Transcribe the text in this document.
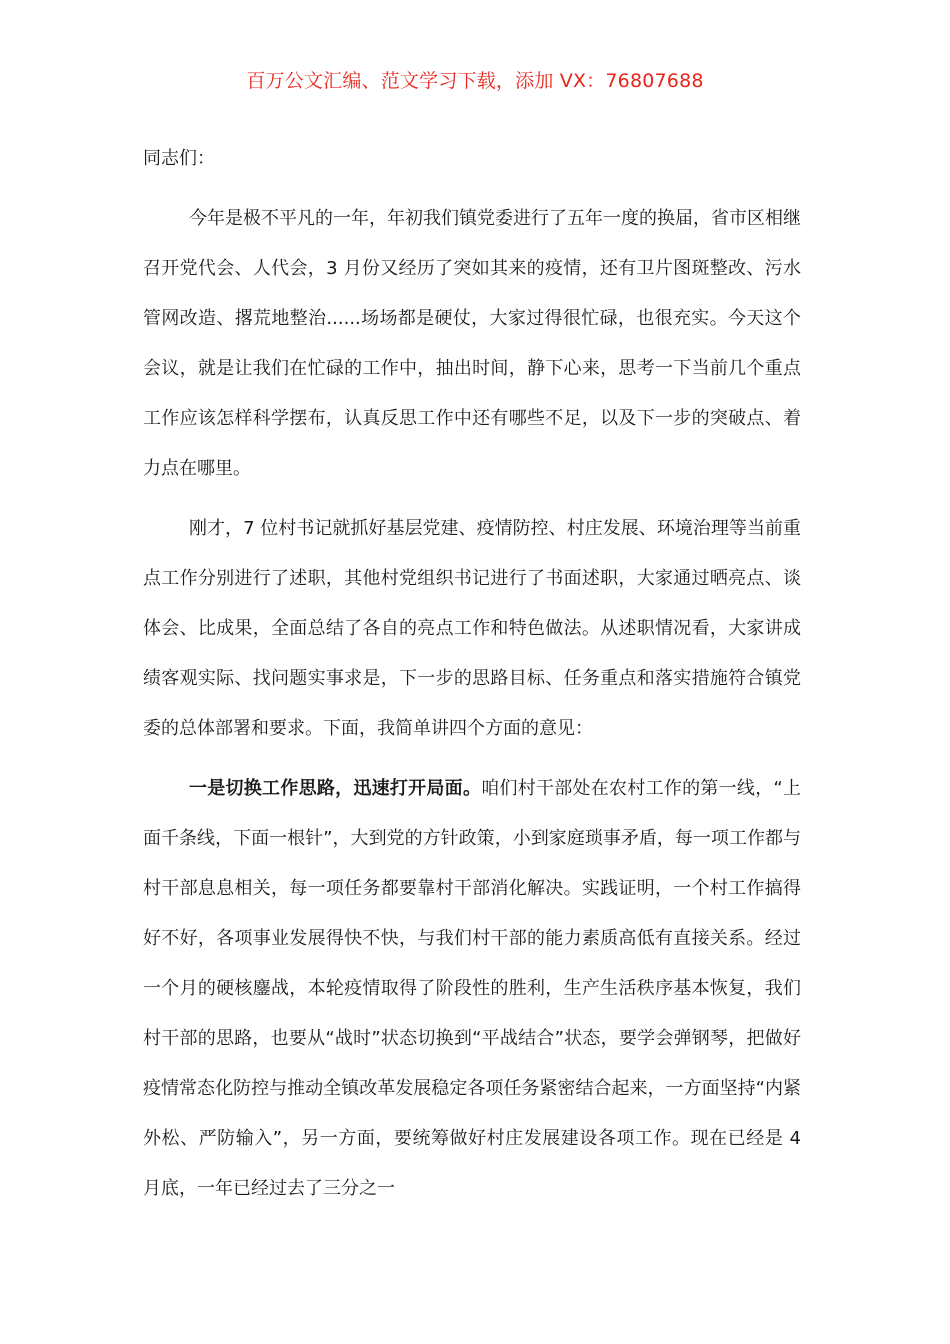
百万公文汇编、范文学习下载，添加 VX：76807688

同志们：

今年是极不平凡的一年，年初我们镇党委进行了五年一度的换届，省市区相继召开党代会、人代会，3 月份又经历了突如其来的疫情，还有卫片图斑整改、污水管网改造、撂荒地整治......场场都是硬仗，大家过得很忙碌，也很充实。今天这个会议，就是让我们在忙碌的工作中，抽出时间，静下心来，思考一下当前几个重点工作应该怎样科学摆布，认真反思工作中还有哪些不足，以及下一步的突破点、着力点在哪里。

刚才，7 位村书记就抓好基层党建、疫情防控、村庄发展、环境治理等当前重点工作分别进行了述职，其他村党组织书记进行了书面述职，大家通过晒亮点、谈体会、比成果，全面总结了各自的亮点工作和特色做法。从述职情况看，大家讲成绩客观实际、找问题实事求是，下一步的思路目标、任务重点和落实措施符合镇党委的总体部署和要求。下面，我简单讲四个方面的意见：

一是切换工作思路，迅速打开局面。咱们村干部处在农村工作的第一线，“上面千条线，下面一根针”，大到党的方针政策，小到家庭琐事矛盾，每一项工作都与村干部息息相关，每一项任务都要靠村干部消化解决。实践证明，一个村工作搞得好不好，各项事业发展得快不快，与我们村干部的能力素质高低有直接关系。经过一个月的硬核鏖战，本轮疫情取得了阶段性的胜利，生产生活秩序基本恢复，我们村干部的思路，也要从“战时”状态切换到“平战结合”状态，要学会弹钢琴，把做好疫情常态化防控与推动全镇改革发展稳定各项任务紧密结合起来，一方面坚持“内紧外松、严防输入”，另一方面，要统筹做好村庄发展建设各项工作。现在已经是 4 月底，一年已经过去了三分之一
